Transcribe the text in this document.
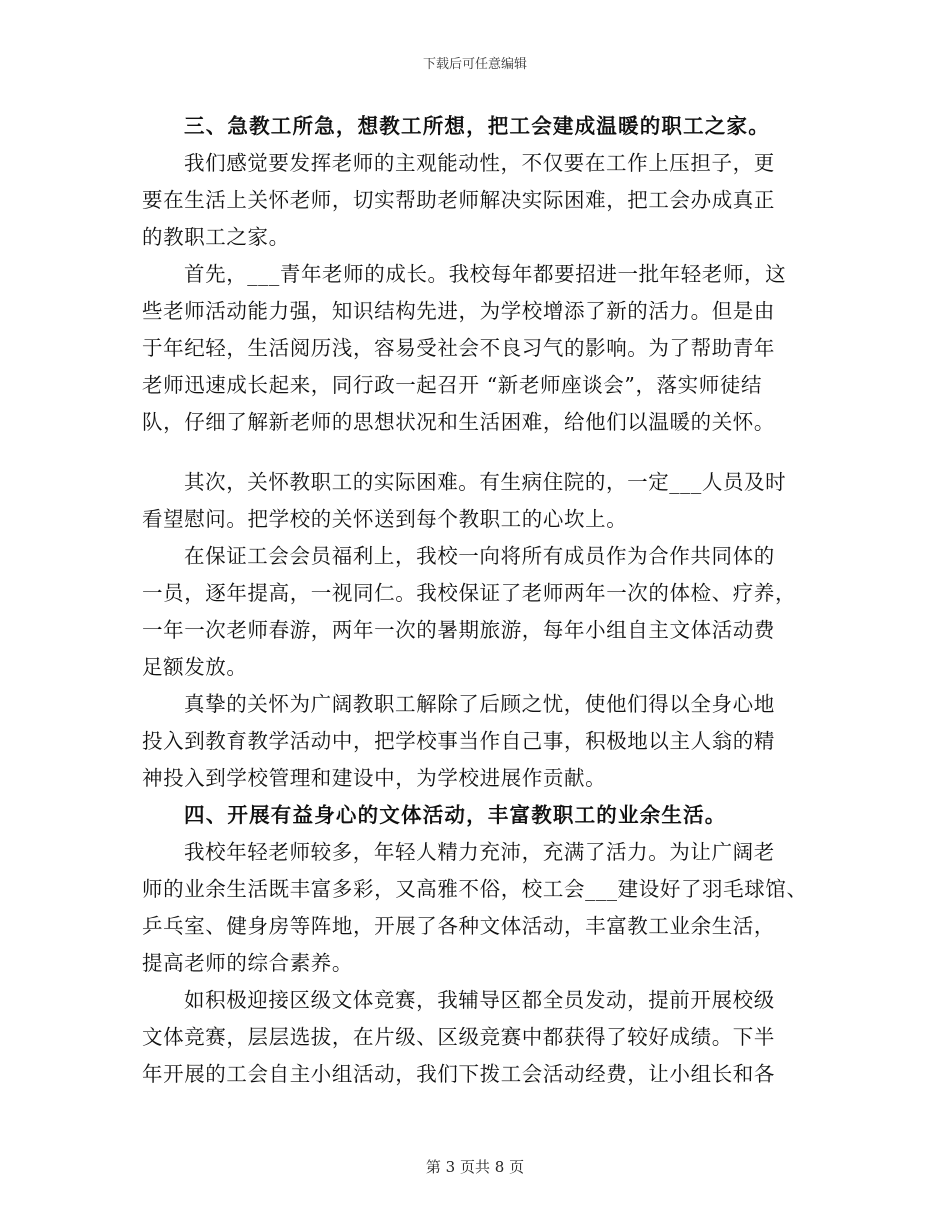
下载后可任意编辑
三、急教工所急，想教工所想，把工会建成温暖的职工之家。
我们感觉要发挥老师的主观能动性，不仅要在工作上压担子，更
要在生活上关怀老师，切实帮助老师解决实际困难，把工会办成真正
的教职工之家。
首先，___青年老师的成长。我校每年都要招进一批年轻老师，这
些老师活动能力强，知识结构先进，为学校增添了新的活力。但是由
于年纪轻，生活阅历浅，容易受社会不良习气的影响。为了帮助青年
老师迅速成长起来，同行政一起召开 “新老师座谈会”，落实师徒结
队，仔细了解新老师的思想状况和生活困难，给他们以温暖的关怀。
其次，关怀教职工的实际困难。有生病住院的，一定___人员及时
看望慰问。把学校的关怀送到每个教职工的心坎上。
在保证工会会员福利上，我校一向将所有成员作为合作共同体的
一员，逐年提高，一视同仁。我校保证了老师两年一次的体检、疗养，
一年一次老师春游，两年一次的暑期旅游，每年小组自主文体活动费
足额发放。
真挚的关怀为广阔教职工解除了后顾之忧，使他们得以全身心地
投入到教育教学活动中，把学校事当作自己事，积极地以主人翁的精
神投入到学校管理和建设中，为学校进展作贡献。
四、开展有益身心的文体活动，丰富教职工的业余生活。
我校年轻老师较多，年轻人精力充沛，充满了活力。为让广阔老
师的业余生活既丰富多彩，又高雅不俗，校工会___建设好了羽毛球馆、
乒乓室、健身房等阵地，开展了各种文体活动，丰富教工业余生活，
提高老师的综合素养。
如积极迎接区级文体竞赛，我辅导区都全员发动，提前开展校级
文体竞赛，层层选拔，在片级、区级竞赛中都获得了较好成绩。下半
年开展的工会自主小组活动，我们下拨工会活动经费，让小组长和各
第 3 页共 8 页
